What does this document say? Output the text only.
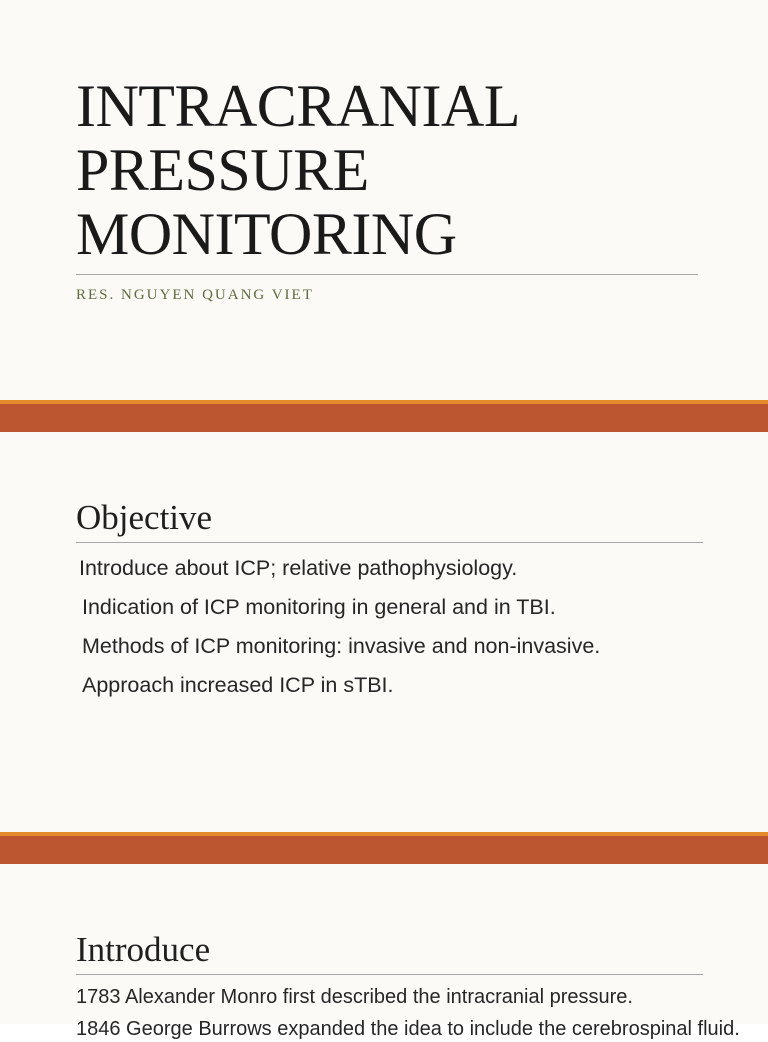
INTRACRANIAL
PRESSURE
MONITORING
RES. NGUYEN QUANG VIET
Objective
Introduce about ICP; relative pathophysiology.
Indication of ICP monitoring in general and in TBI.
Methods of ICP monitoring: invasive and non-invasive.
Approach increased ICP in sTBI.
Introduce

1783 Alexander Monro first described the intracranial pressure.

1846 George Burrows expanded the idea to include the cerebrospinal fluid.
